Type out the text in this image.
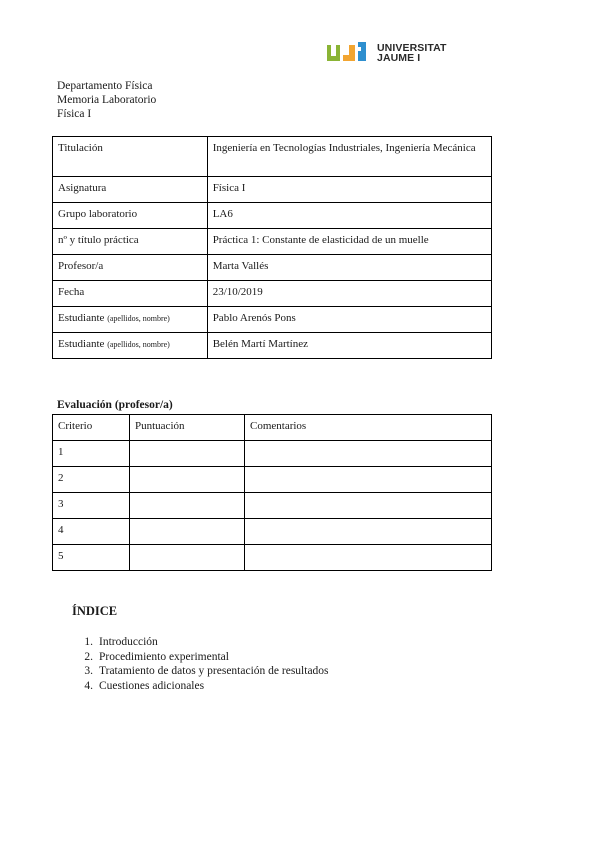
UNIVERSITAT
JAUME I
Departamento Física
Memoria Laboratorio
Física I
Titulación	Ingeniería en Tecnologías Industriales, Ingeniería Mecánica
Asignatura	Física I
Grupo laboratorio	LA6
nº y título práctica	Práctica 1: Constante de elasticidad de un muelle
Profesor/a	Marta Vallés
Fecha	23/10/2019
Estudiante (apellidos, nombre)	Pablo Arenós Pons
Estudiante (apellidos, nombre)	Belén Martí Martínez
Evaluación (profesor/a)
Criterio	Puntuación	Comentarios
1		
2		
3		
4		
5		
ÍNDICE
1. Introducción
2. Procedimiento experimental
3. Tratamiento de datos y presentación de resultados
4. Cuestiones adicionales
